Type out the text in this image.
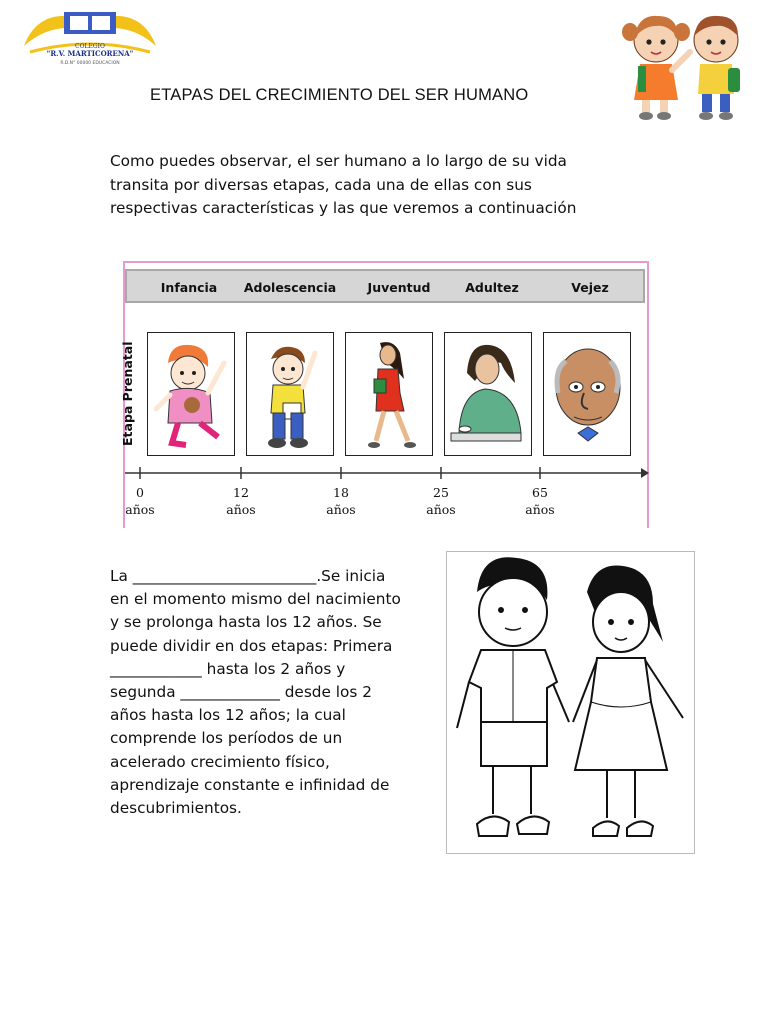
COLEGIO
"R.V. MARTICORENA"
R.D.N° 00000 EDUCACION
ETAPAS DEL CRECIMIENTO DEL SER HUMANO
Como puedes observar, el ser humano a lo largo de su vida
transita por diversas etapas, cada una de ellas con sus
respectivas características y las que veremos a continuación
Infancia Adolescencia	Juventud	Adultez	Vejez
Etapa Prenatal
0
años
12
años
18
años
25
años
65
años
La ________________________.Se inicia
en el momento mismo del nacimiento
y se prolonga hasta los 12 años. Se
puede dividir en dos etapas: Primera
____________ hasta los 2 años y
segunda _____________ desde los 2
años hasta los 12 años; la cual
comprende los períodos de un
acelerado crecimiento físico,
aprendizaje constante e infinidad de
descubrimientos.
